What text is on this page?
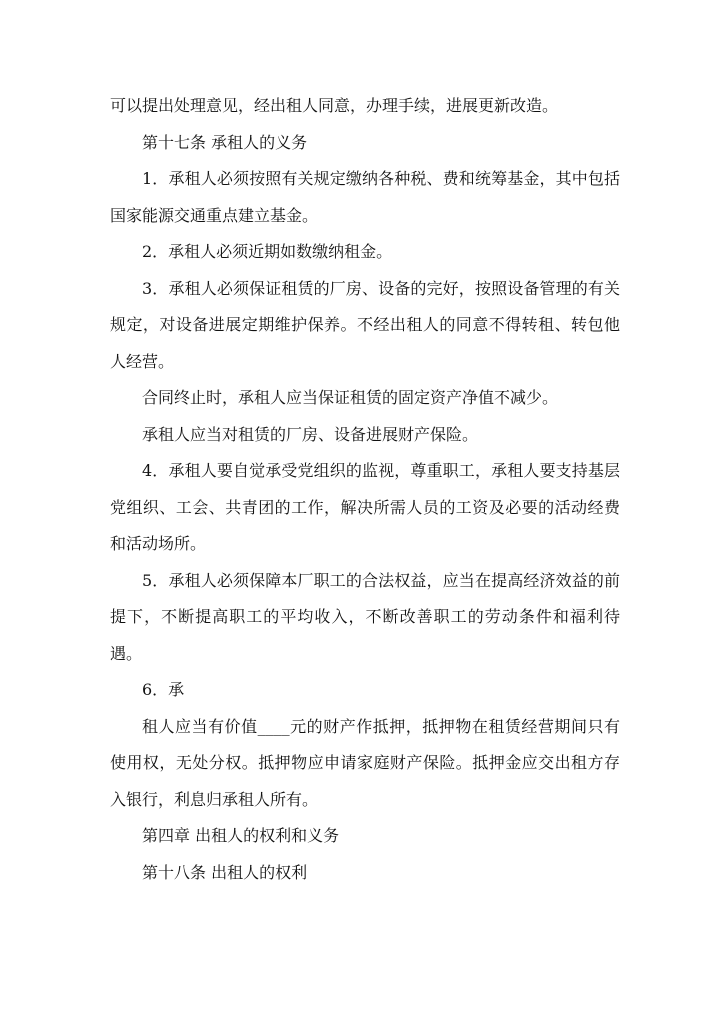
可以提出处理意见，经出租人同意，办理手续，进展更新改造。

第十七条 承租人的义务

1．承租人必须按照有关规定缴纳各种税、费和统筹基金，其中包括国家能源交通重点建立基金。

2．承租人必须近期如数缴纳租金。

3．承租人必须保证租赁的厂房、设备的完好，按照设备管理的有关规定，对设备进展定期维护保养。不经出租人的同意不得转租、转包他人经营。

合同终止时，承租人应当保证租赁的固定资产净值不减少。

承租人应当对租赁的厂房、设备进展财产保险。

4．承租人要自觉承受党组织的监视，尊重职工，承租人要支持基层党组织、工会、共青团的工作，解决所需人员的工资及必要的活动经费和活动场所。

5．承租人必须保障本厂职工的合法权益，应当在提高经济效益的前提下，不断提高职工的平均收入，不断改善职工的劳动条件和福利待遇。

6．承

租人应当有价值____元的财产作抵押，抵押物在租赁经营期间只有使用权，无处分权。抵押物应申请家庭财产保险。抵押金应交出租方存入银行，利息归承租人所有。

第四章 出租人的权利和义务

第十八条 出租人的权利
